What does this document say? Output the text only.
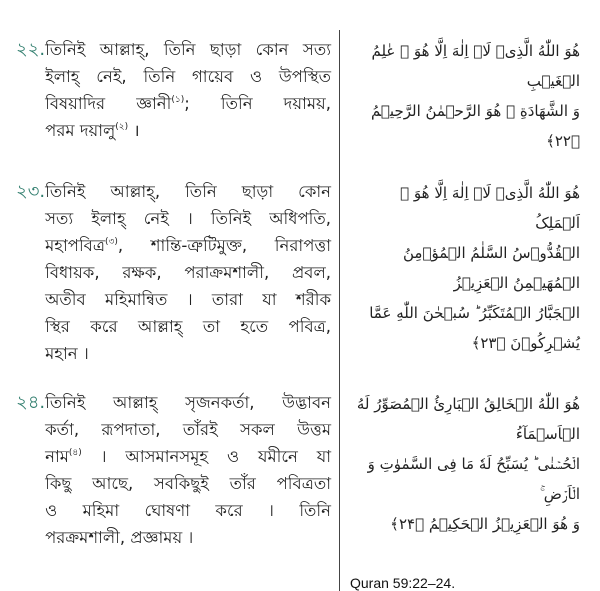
২২. তিনিই আল্লাহ্, তিনি ছাড়া কোন সত্য
ইলাহ্ নেই, তিনি গায়েব ও উপস্থিত
বিষয়াদির জ্ঞানী$^{(১)}$; তিনি দয়াময়,
পরম দয়ালু$^{(২)}$ ।
هُوَ اللّٰهُ الَّذِیۡ لَاۤ اِلٰهَ اِلَّا هُوَ ۚ عٰلِمُ الۡغَیۡبِ
وَ الشَّهَادَةِ ۚ هُوَ الرَّحۡمٰنُ الرَّحِیۡمُ ﴿۲۲﴾
২৩. তিনিই আল্লাহ্, তিনি ছাড়া কোন
সত্য ইলাহ্ নেই । তিনিই অধিপতি,
মহাপবিত্র$^{(৩)}$, শান্তি-ত্রুটিমুক্ত, নিরাপত্তা
বিধায়ক, রক্ষক, পরাক্রমশালী, প্রবল,
অতীব মহিমান্বিত । তারা যা শরীক
স্থির করে আল্লাহ্ তা হতে পবিত্র,
মহান ।
هُوَ اللّٰهُ الَّذِیۡ لَاۤ اِلٰهَ اِلَّا هُوَ ۚ اَلۡمَلِکُ
الۡقُدُّوۡسُ السَّلٰمُ الۡمُؤۡمِنُ الۡمُهَیۡمِنُ الۡعَزِیۡزُ
الۡجَبَّارُ الۡمُتَکَبِّرُ ؕ سُبۡحٰنَ اللّٰهِ عَمَّا یُشۡرِکُوۡنَ ﴿۲۳﴾
২৪. তিনিই আল্লাহ্ সৃজনকর্তা, উদ্ভাবন
কর্তা, রূপদাতা, তাঁরই সকল উত্তম
নাম$^{(৪)}$ । আসমানসমূহ ও যমীনে যা
কিছু আছে, সবকিছুই তাঁর পবিত্রতা
ও মহিমা ঘোষণা করে । তিনি
পরক্রমশালী, প্রজ্ঞাময় ।
هُوَ اللّٰهُ الۡخَالِقُ الۡبَارِئُ الۡمُصَوِّرُ لَهُ الۡاَسۡمَآءُ
الۡحُسۡنٰی ؕ یُسَبِّحُ لَهٗ مَا فِی السَّمٰوٰتِ وَ الۡاَرۡضِ ۚ
وَ هُوَ الۡعَزِیۡزُ الۡحَکِیۡمُ ﴿۲۴﴾
Quran 59:22–24.
